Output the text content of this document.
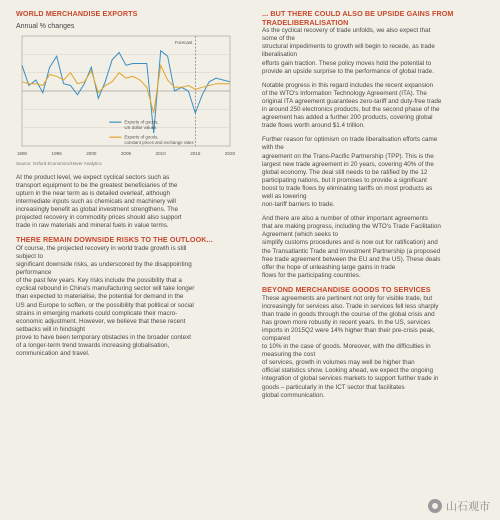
WORLD MERCHANDISE EXPORTS
Annual % changes
Forecast
1990	1995	2000	2005	2010	2015	2020
Exports of goods,
US dollar values
Exports of goods,
constant prices and exchange rates
Source: Oxford Economics/Haver Analytics
At the product level, we expect cyclical sectors such as
transport equipment to be the greatest beneficiaries of the
upturn in the near term as is detailed overleaf, although
intermediate inputs such as chemicals and machinery will
increasingly benefit as global investment strengthens. The
projected recovery in commodity prices should also support
trade in raw materials and mineral fuels in value terms.
THERE REMAIN DOWNSIDE RISKS TO THE OUTLOOK...
Of course, the projected recovery in world trade growth is still
subject to
significant downside risks, as underscored by the disappointing
performance
of the past few years. Key risks include the possibility that a
cyclical rebound in China's manufacturing sector will take longer
than expected to materialise, the potential for demand in the
US and Europe to soften, or the possibility that political or social
strains in emerging markets could complicate their macro-
economic adjustment. However, we believe that these recent
setbacks will in hindsight
prove to have been temporary obstacles in the broader context
of a longer-term trend towards increasing globalisation,
communication and travel.
... BUT THERE COULD ALSO BE UPSIDE GAINS FROM TRADELIBERALISATION
As the cyclical recovery of trade unfolds, we also expect that
some of the
structural impediments to growth will begin to recede, as trade
liberalisation
efforts gain traction. These policy moves hold the potential to
provide an upside surprise to the performance of global trade.
Notable progress in this regard includes the recent expansion
of the WTO's Information Technology Agreement (ITA). The
original ITA agreement guarantees zero-tariff and duty-free trade
in around 250 electronics products, but the second phase of the
agreement has added a further 200 products, covering global
trade flows worth around $1.4 trillion.
Further reason for optimism on trade liberalisation efforts came
with the
agreement on the Trans-Pacific Partnership (TPP). This is the
largest new trade agreement in 20 years, covering 40% of the
global economy. The deal still needs to be ratified by the 12
participating nations, but it promises to provide a significant
boost to trade flows by eliminating tariffs on most products as
well as lowering
non-tariff barriers to trade.
And there are also a number of other important agreements
that are making progress, including the WTO's Trade Facilitation
Agreement (which seeks to
simplify customs procedures and is now out for ratification) and
the Transatlantic Trade and Investment Partnership (a proposed
free trade agreement between the EU and the US). These deals
offer the hope of unleashing large gains in trade
flows for the participating countries.
BEYOND MERCHANDISE GOODS TO SERVICES
These agreements are pertinent not only for visible trade, but
increasingly for services also. Trade in services fell less sharply
than trade in goods through the course of the global crisis and
has grown more robustly in recent years. In the US, services
imports in 2015Q2 were 14% higher than their pre-crisis peak,
compared
to 10% in the case of goods. Moreover, with the difficulties in
measuring the cost
of services, growth in volumes may well be higher than
official statistics show. Looking ahead, we expect the ongoing
integration of global services markets to support further trade in
goods – particularly in the ICT sector that facilitates
global communication.
山石观市
